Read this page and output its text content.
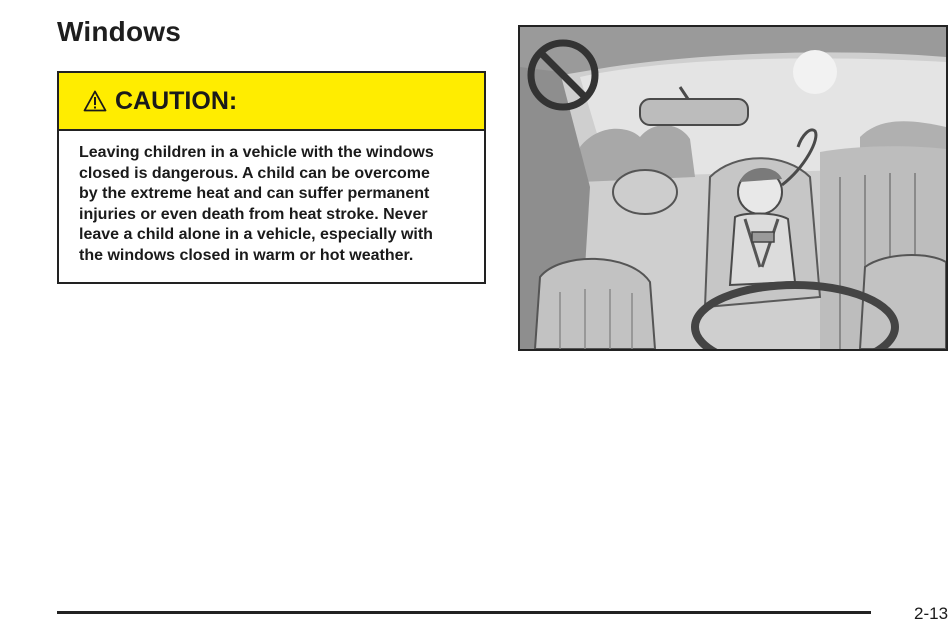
Windows
CAUTION:
Leaving children in a vehicle with the windows
closed is dangerous. A child can be overcome
by the extreme heat and can suffer permanent
injuries or even death from heat stroke. Never
leave a child alone in a vehicle, especially with
the windows closed in warm or hot weather.
2-13
